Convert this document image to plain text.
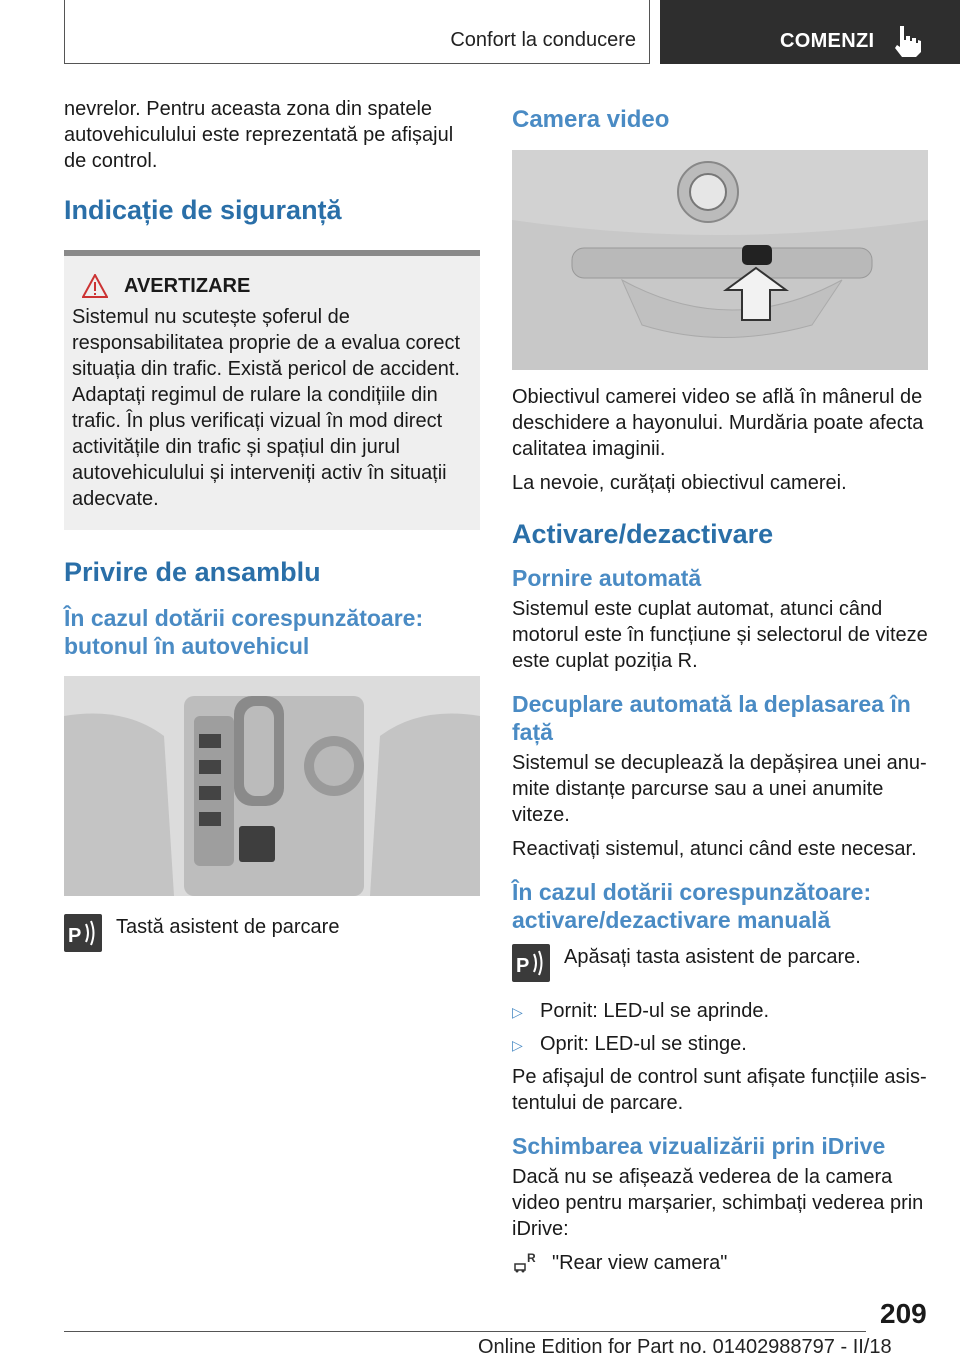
Confort la conducere	COMENZI

nevrelor. Pentru aceasta zona din spatele autovehiculului este reprezentată pe afișajul de control.

Indicație de siguranță
AVERTIZARE
Sistemul nu scutește șoferul de responsabilitatea proprie de a evalua corect situația din trafic. Există pericol de accident. Adaptați regimul de rulare la condițiile din trafic. În plus verificați vizual în mod direct activitățile din trafic și spațiul din jurul autovehiculului și interveniți activ în situații adecvate.
Privire de ansamblu
În cazul dotării corespunzătoare: butonul în autovehicul
P Tastă asistent de parcare
Camera video

Obiectivul camerei video se află în mânerul de deschidere a hayonului. Murdăria poate afecta calitatea imaginii.

La nevoie, curățați obiectivul camerei.

Activare/dezactivare
Pornire automată

Sistemul este cuplat automat, atunci când motorul este în funcțiune și selectorul de viteze este cuplat poziția R.

Decuplare automată la deplasarea în față

Sistemul se decuplează la depășirea unei anumite distanțe parcurse sau a unei anumite viteze.

Reactivați sistemul, atunci când este necesar.

În cazul dotării corespunzătoare: activare/dezactivare manuală
P Apăsați tasta asistent de parcare.
▷ Pornit: LED-ul se aprinde.
▷ Oprit: LED-ul se stinge.

Pe afișajul de control sunt afișate funcțiile asistentului de parcare.

Schimbarea vizualizării prin iDrive

Dacă nu se afișează vederea de la camera video pentru marșarier, schimbați vederea prin iDrive:

R "Rear view camera"
209
Online Edition for Part no. 01402988797 - II/18
